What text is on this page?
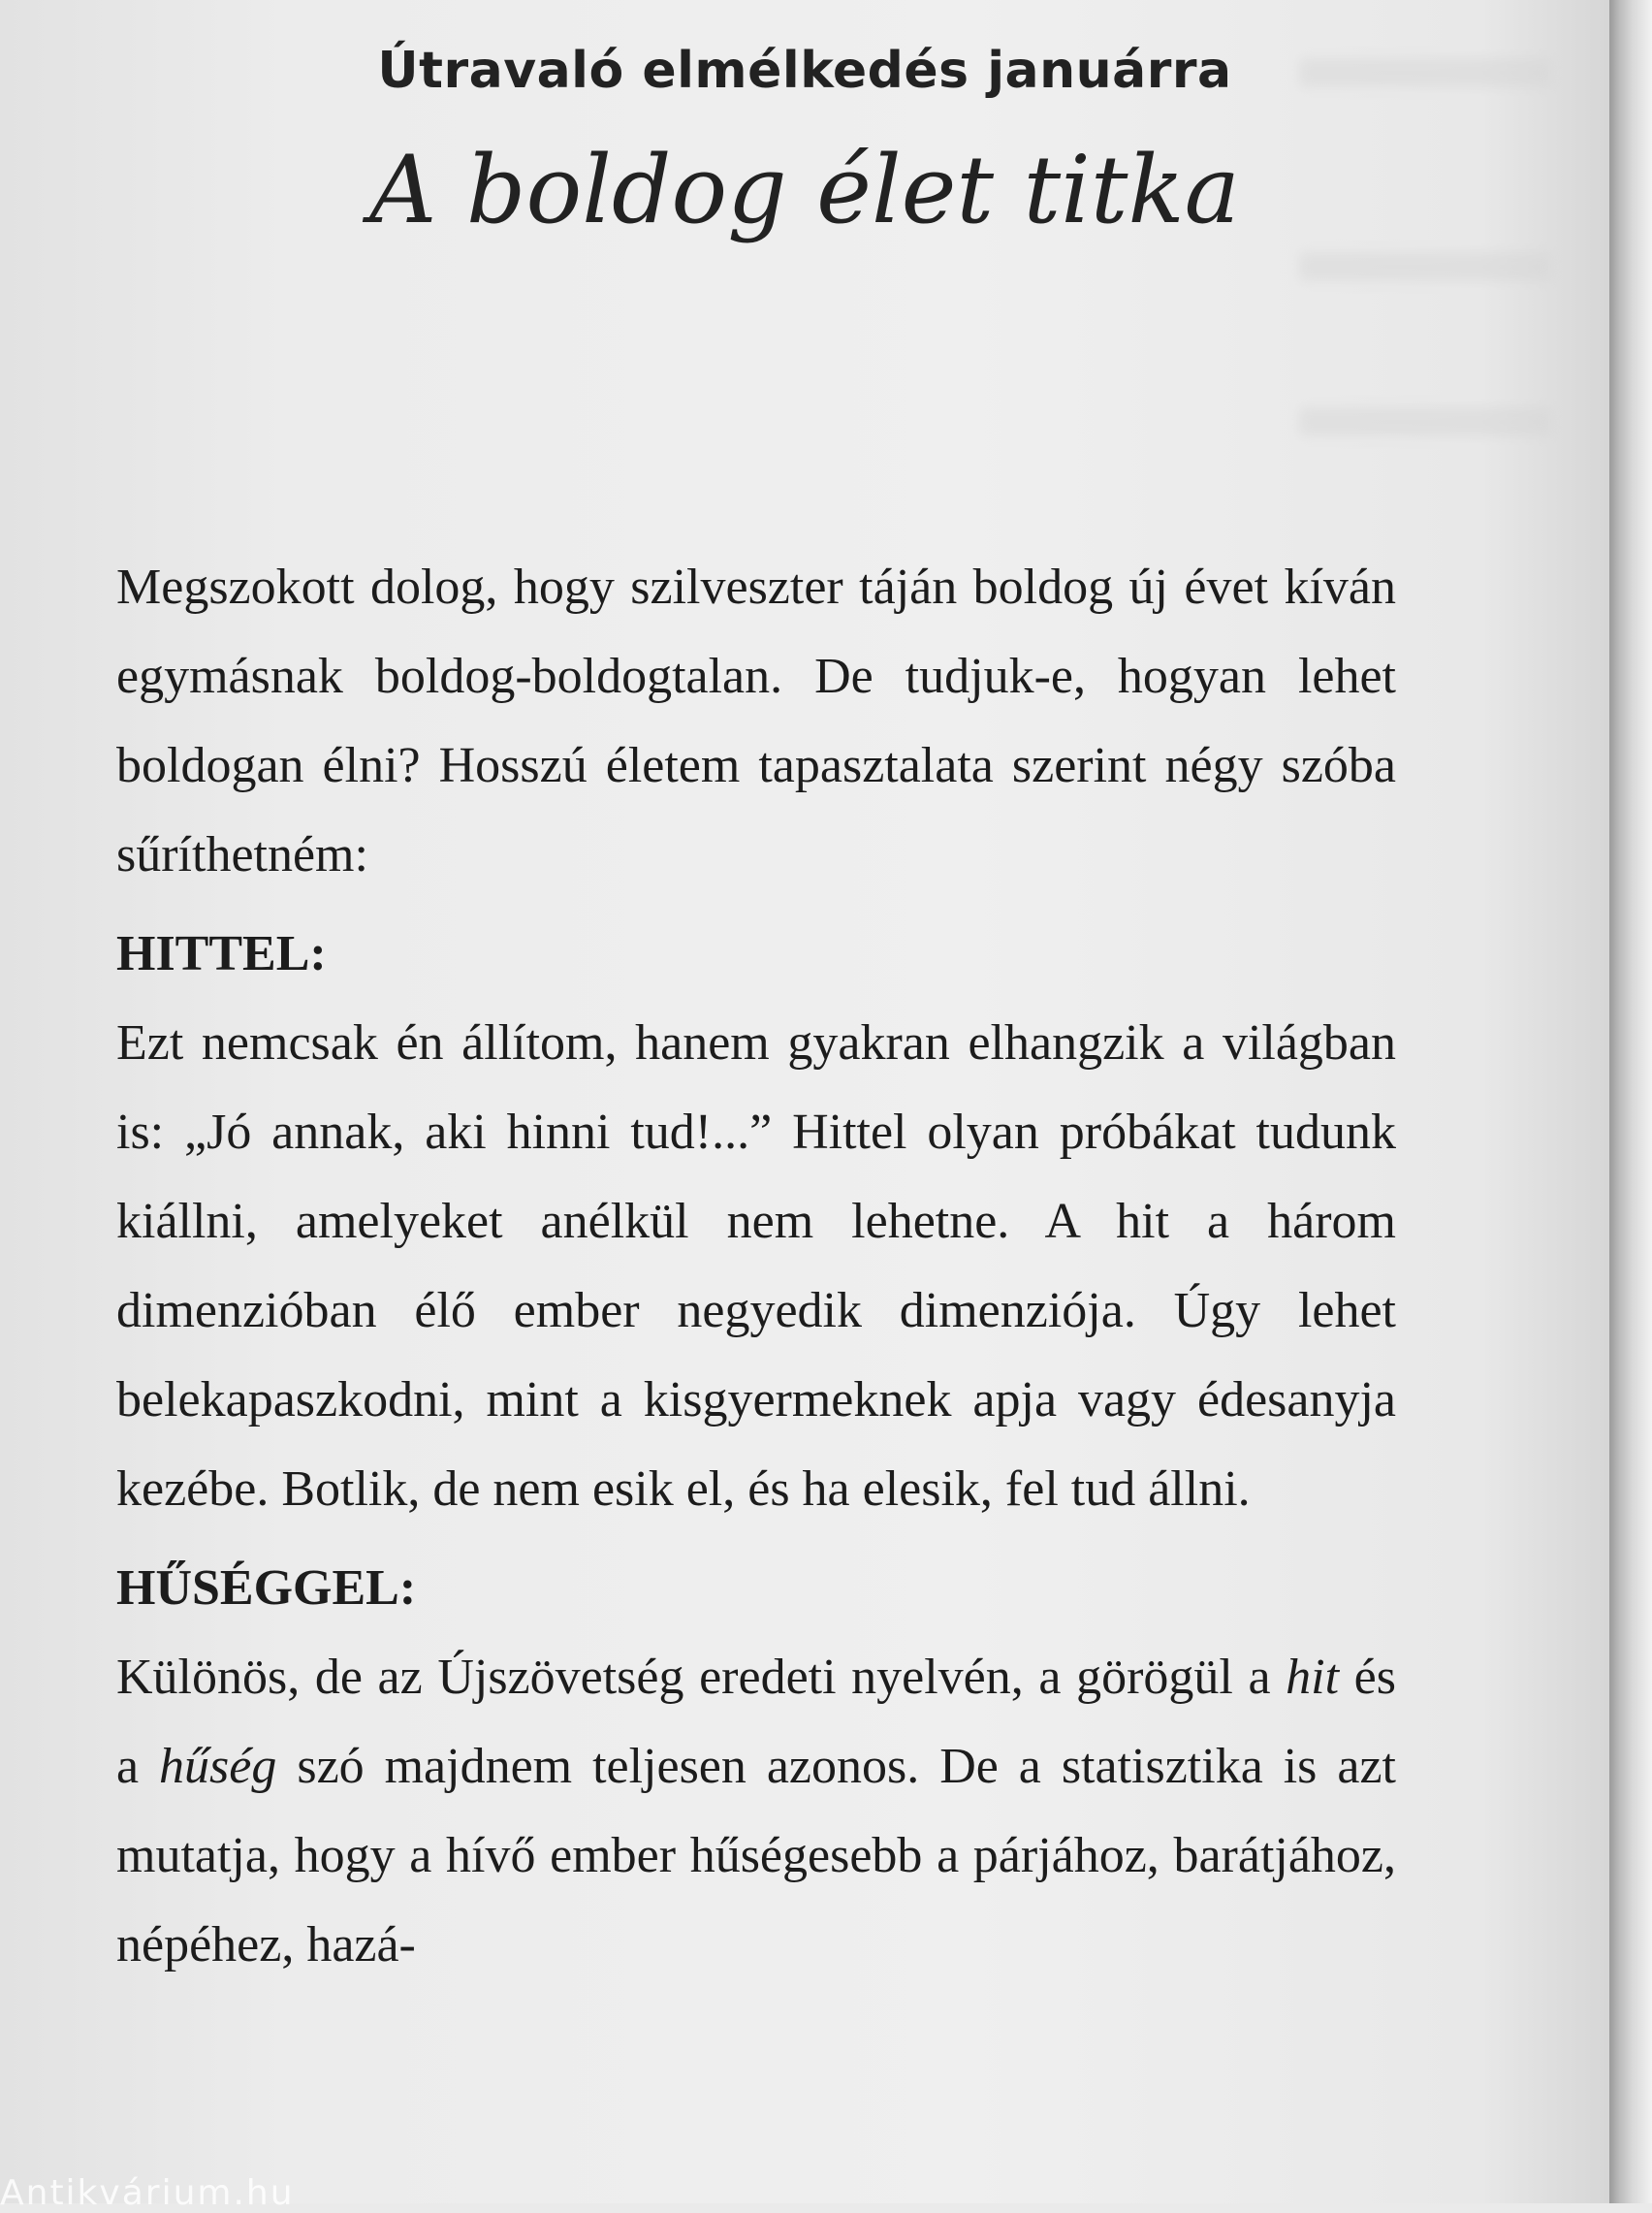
Útravaló elmélkedés januárra
A boldog élet titka

Megszokott dolog, hogy szilveszter táján boldog új évet kíván egymásnak boldog-boldogtalan. De tudjuk-e, hogyan lehet boldogan élni? Hosszú életem tapasztalata szerint négy szóba sűríthetném:

HITTEL:

Ezt nemcsak én állítom, hanem gyakran elhangzik a világban is: „Jó annak, aki hinni tud!...” Hittel olyan próbákat tudunk kiállni, amelyeket anélkül nem lehetne. A hit a három dimenzióban élő ember negyedik dimenziója. Úgy lehet belekapaszkodni, mint a kisgyermeknek apja vagy édesanyja kezébe. Botlik, de nem esik el, és ha elesik, fel tud állni.

HŰSÉGGEL:

Különös, de az Újszövetség eredeti nyelvén, a görögül a hit és a hűség szó majdnem teljesen azonos. De a statisztika is azt mutatja, hogy a hívő ember hűségesebb a párjához, barátjához, népéhez, hazá-

Antikvárium.hu
